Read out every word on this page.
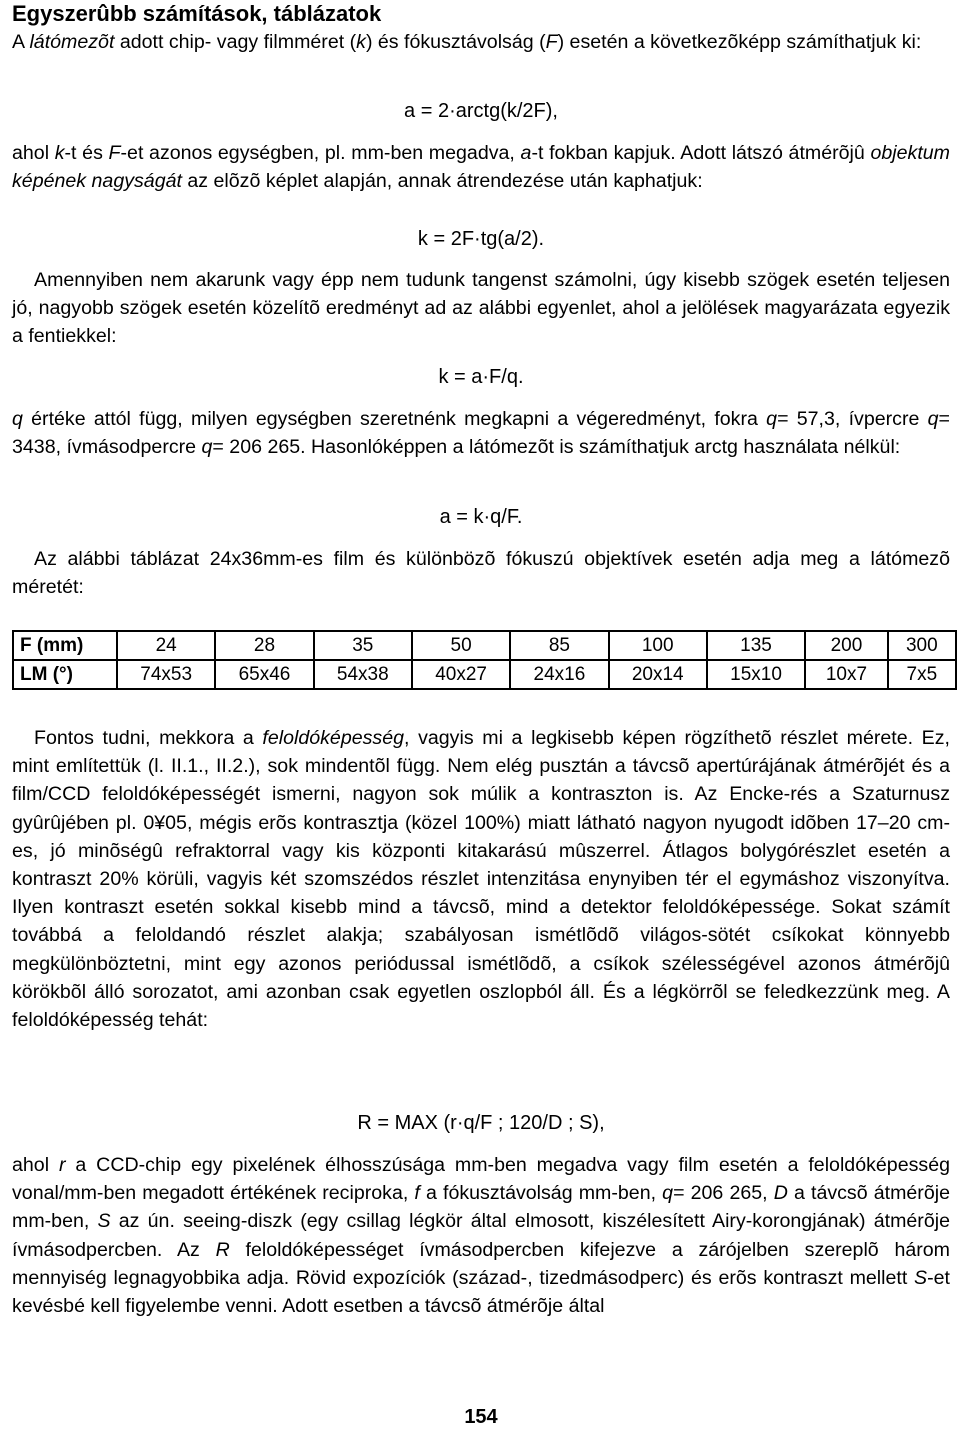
Egyszerûbb számítások, táblázatok

A látómezõt adott chip- vagy filmméret (k) és fókusztávolság (F) esetén a következõképp számíthatjuk ki:

a = 2·arctg(k/2F),

ahol k-t és F-et azonos egységben, pl. mm-ben megadva, a-t fokban kapjuk. Adott látszó átmérõjû objektum képének nagyságát az elõzõ képlet alapján, annak átrendezése után kaphatjuk:

k = 2F·tg(a/2).

Amennyiben nem akarunk vagy épp nem tudunk tangenst számolni, úgy kisebb szögek esetén teljesen jó, nagyobb szögek esetén közelítõ eredményt ad az alábbi egyenlet, ahol a jelölések magyarázata egyezik a fentiekkel:

k = a·F/q.

q értéke attól függ, milyen egységben szeretnénk megkapni a végeredményt, fokra q= 57,3, ívpercre q= 3438, ívmásodpercre q= 206 265. Hasonlóképpen a látómezõt is számíthatjuk arctg használata nélkül:

a = k·q/F.

Az alábbi táblázat 24x36mm-es film és különbözõ fókuszú objektívek esetén adja meg a látómezõ méretét:

F (mm)	24	28	35	50	85	100	135	200	300
LM (°)	74x53	65x46	54x38	40x27	24x16	20x14	15x10	10x7	7x5

Fontos tudni, mekkora a feloldóképesség, vagyis mi a legkisebb képen rögzíthetõ részlet mérete. Ez, mint említettük (l. II.1., II.2.), sok mindentõl függ. Nem elég pusztán a távcsõ apertúrájának átmérõjét és a film/CCD feloldóképességét ismerni, nagyon sok múlik a kontraszton is. Az Encke-rés a Szaturnusz gyûrûjében pl. 0¥05, mégis erõs kontrasztja (közel 100%) miatt látható nagyon nyugodt idõben 17–20 cm-es, jó minõségû refraktorral vagy kis központi kitakarású mûszerrel. Átlagos bolygórészlet esetén a kontraszt 20% körüli, vagyis két szomszédos részlet intenzitása enynyiben tér el egymáshoz viszonyítva. Ilyen kontraszt esetén sokkal kisebb mind a távcsõ, mind a detektor feloldóképessége. Sokat számít továbbá a feloldandó részlet alakja; szabályosan ismétlõdõ világos-sötét csíkokat könnyebb megkülönböztetni, mint egy azonos periódussal ismétlõdõ, a csíkok szélességével azonos átmérõjû körökbõl álló sorozatot, ami azonban csak egyetlen oszlopból áll. És a légkörrõl se feledkezzünk meg. A feloldóképesség tehát:

R = MAX (r·q/F ; 120/D ; S),

ahol r a CCD-chip egy pixelének élhosszúsága mm-ben megadva vagy film esetén a feloldóképesség vonal/mm-ben megadott értékének reciproka, f a fókusztávolság mm-ben, q= 206 265, D a távcsõ átmérõje mm-ben, S az ún. seeing-diszk (egy csillag légkör által elmosott, kiszélesített Airy-korongjának) átmérõje ívmásodpercben. Az R feloldóképességet ívmásodpercben kifejezve a zárójelben szereplõ három mennyiség legnagyobbika adja. Rövid expozíciók (század-, tizedmásodperc) és erõs kontraszt mellett S-et kevésbé kell figyelembe venni. Adott esetben a távcsõ átmérõje által

154
